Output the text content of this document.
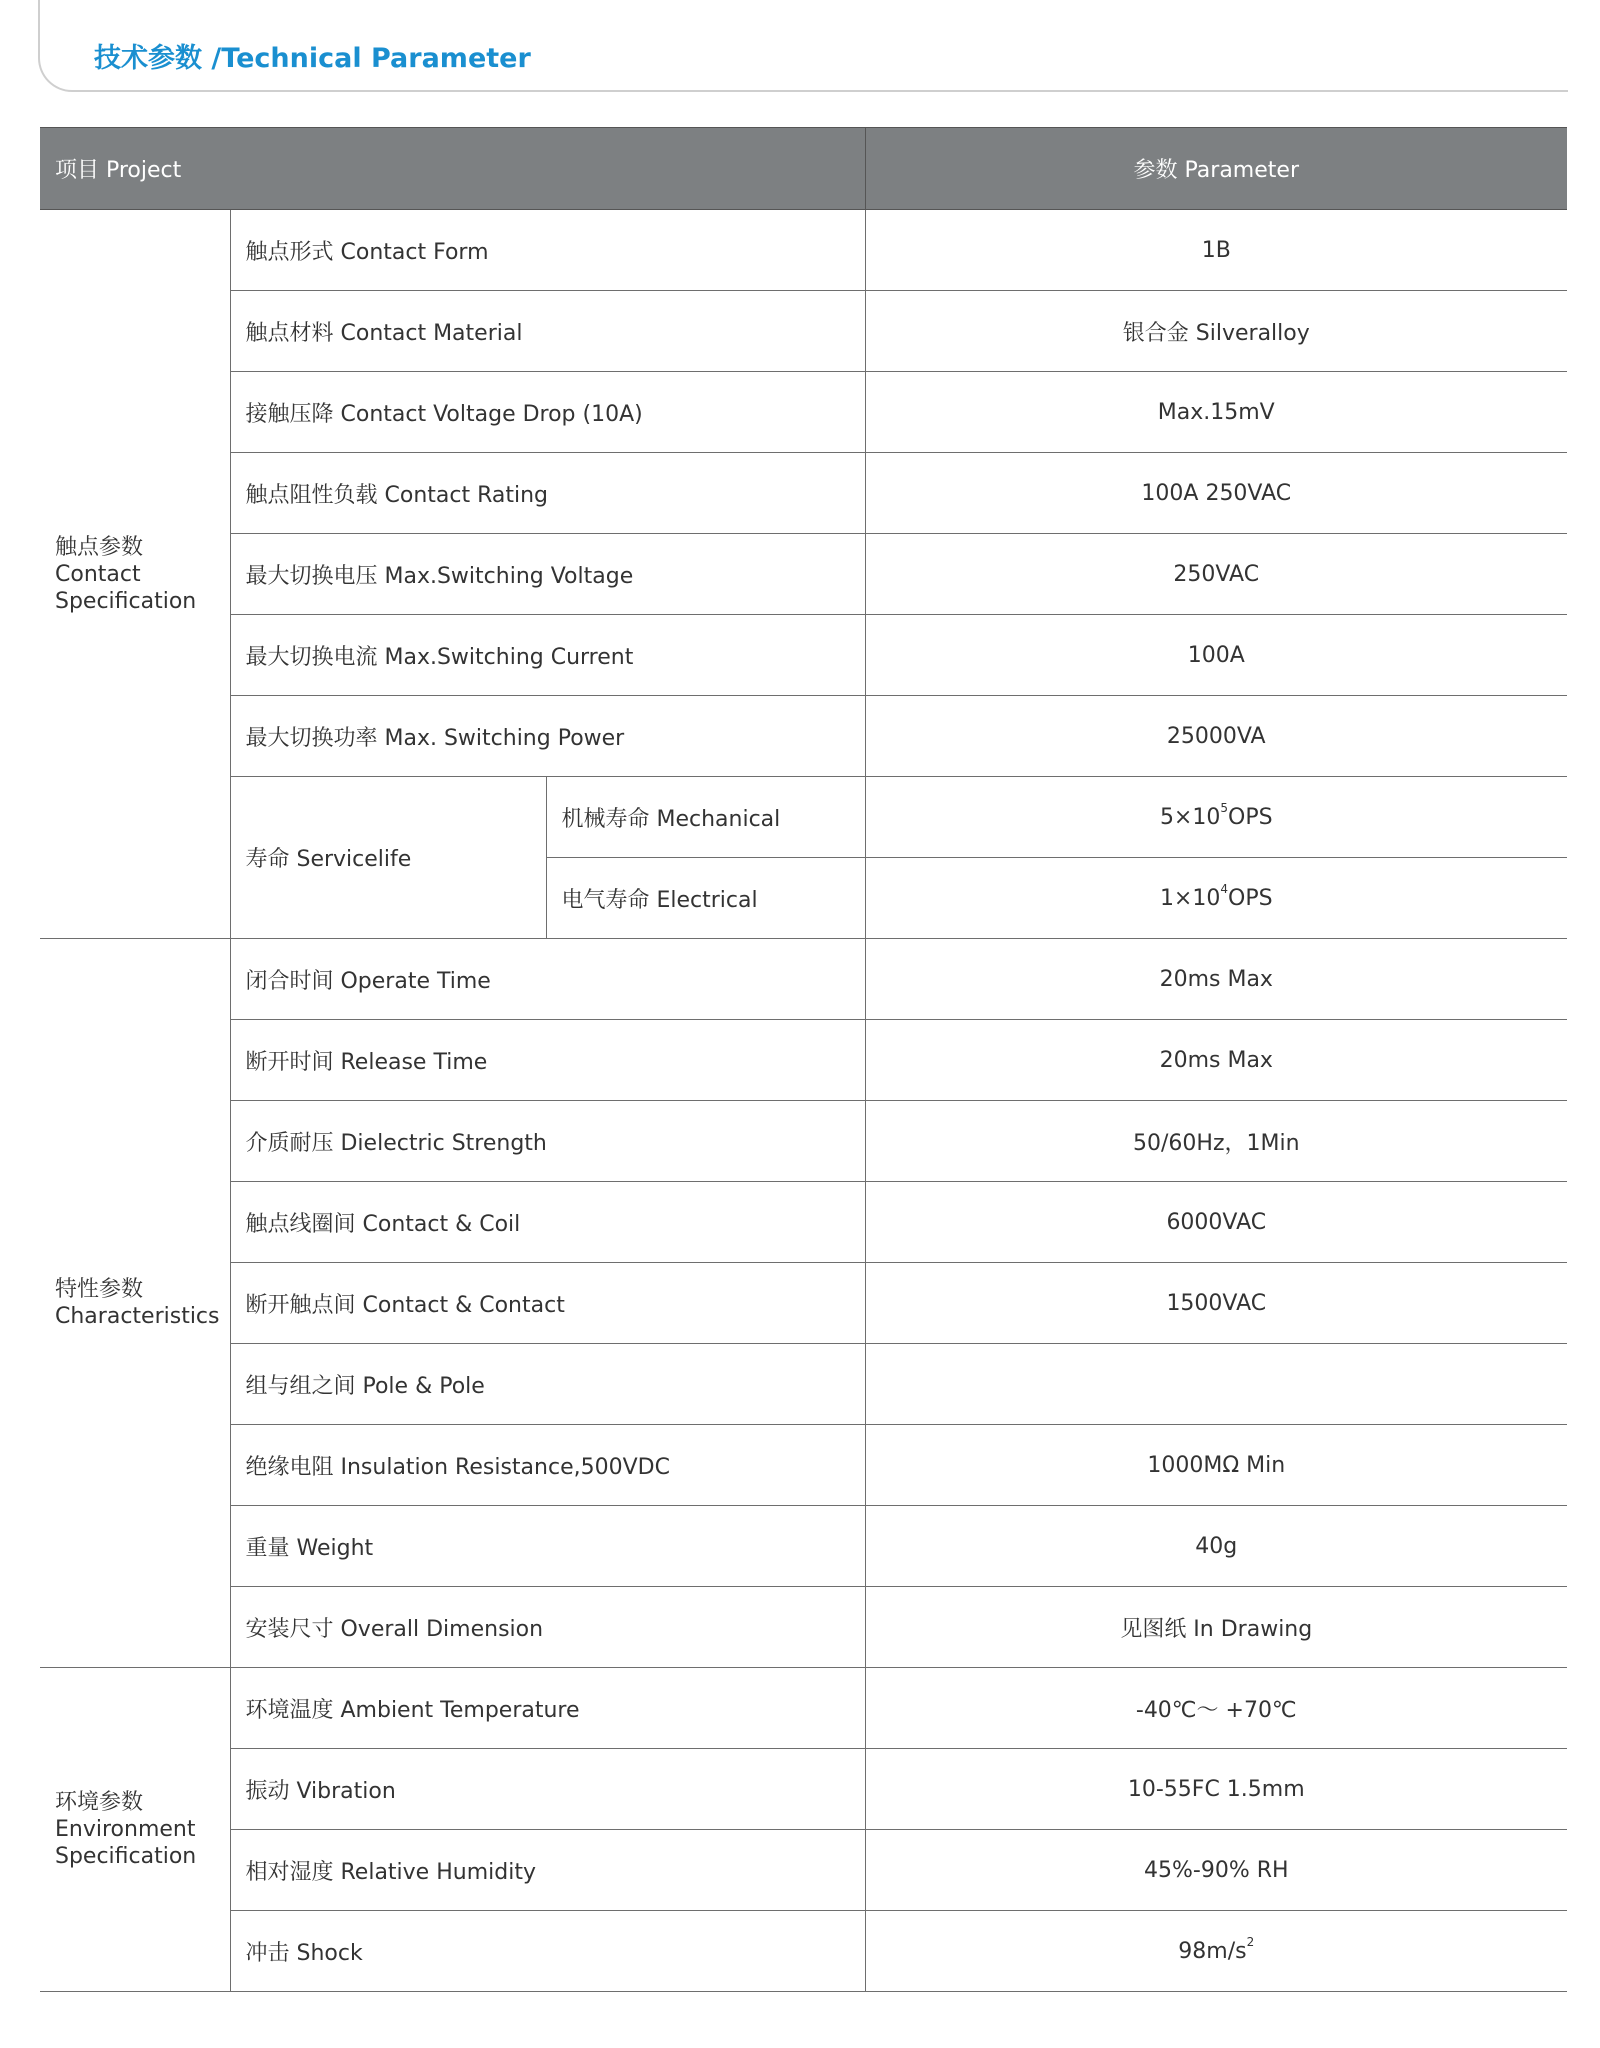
技术参数 /Technical Parameter
项目 Project			参数 Parameter

触点参数
Contact
Specification	触点形式 Contact Form		1B
	触点材料 Contact Material		银合金 Silveralloy
	接触压降 Contact Voltage Drop (10A)		Max.15mV
	触点阻性负载 Contact Rating		100A 250VAC
	最大切换电压 Max.Switching Voltage		250VAC
	最大切换电流 Max.Switching Current		100A
	最大切换功率 Max. Switching Power		25000VA
	寿命 Servicelife	机械寿命 Mechanical	$5\times 10^5OPS$
		电气寿命 Electrical	$1\times 10^4OPS$

特性参数
Characteristics	闭合时间 Operate Time		20ms Max
	断开时间 Release Time		20ms Max
	介质耐压 Dielectric Strength		50/60Hz，1Min
	触点线圈间 Contact & Coil		6000VAC
	断开触点间 Contact & Contact		1500VAC
	组与组之间 Pole & Pole		
	绝缘电阻 Insulation Resistance,500VDC		1000MΩ Min
	重量 Weight		40g
	安装尺寸 Overall Dimension		见图纸 In Drawing

环境参数
Environment
Specification	环境温度 Ambient Temperature		-40℃～ +70℃
	振动 Vibration		10-55FC 1.5mm
	相对湿度 Relative Humidity		45%-90% RH
	冲击 Shock		$98m/s^2$
